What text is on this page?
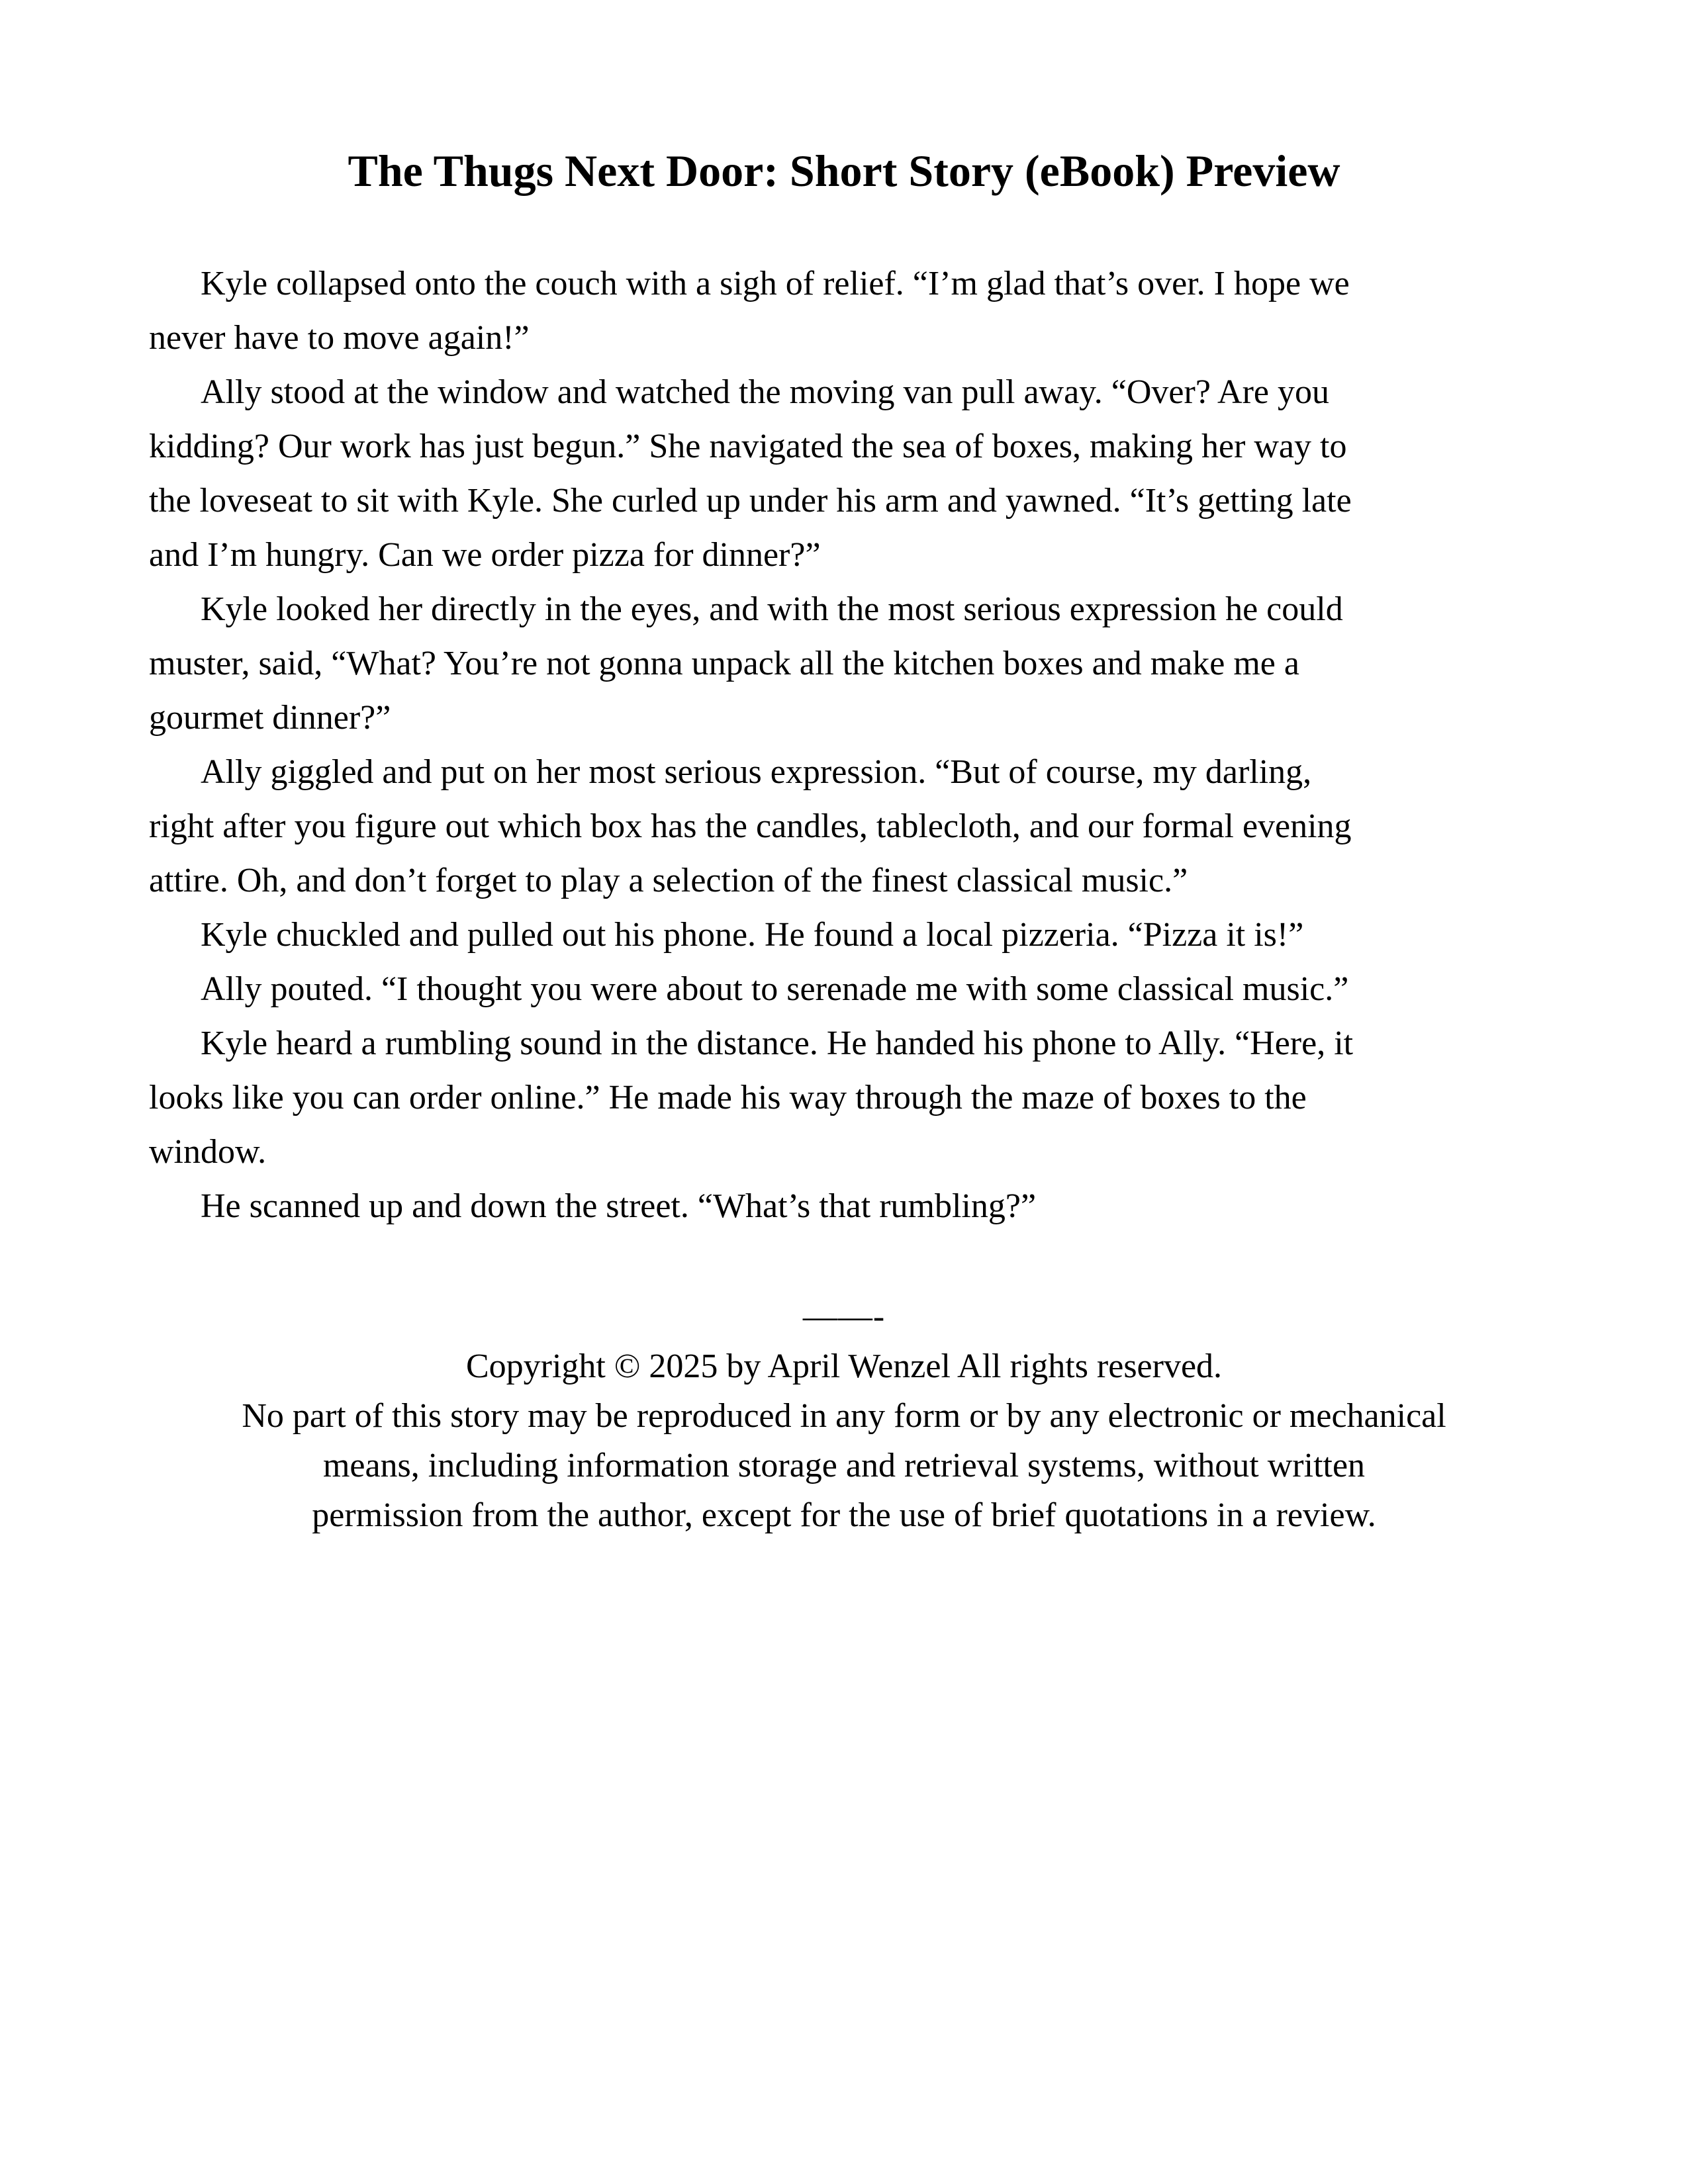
The Thugs Next Door: Short Story (eBook) Preview
Kyle collapsed onto the couch with a sigh of relief. “I’m glad that’s over. I hope we
never have to move again!”
Ally stood at the window and watched the moving van pull away. “Over? Are you
kidding? Our work has just begun.” She navigated the sea of boxes, making her way to
the loveseat to sit with Kyle. She curled up under his arm and yawned. “It’s getting late
and I’m hungry. Can we order pizza for dinner?”
Kyle looked her directly in the eyes, and with the most serious expression he could
muster, said, “What? You’re not gonna unpack all the kitchen boxes and make me a
gourmet dinner?”
Ally giggled and put on her most serious expression. “But of course, my darling,
right after you figure out which box has the candles, tablecloth, and our formal evening
attire. Oh, and don’t forget to play a selection of the finest classical music.”
Kyle chuckled and pulled out his phone. He found a local pizzeria. “Pizza it is!”
Ally pouted. “I thought you were about to serenade me with some classical music.”
Kyle heard a rumbling sound in the distance. He handed his phone to Ally. “Here, it
looks like you can order online.” He made his way through the maze of boxes to the
window.
He scanned up and down the street. “What’s that rumbling?”
——-
Copyright © 2025 by April Wenzel All rights reserved.
No part of this story may be reproduced in any form or by any electronic or mechanical
means, including information storage and retrieval systems, without written
permission from the author, except for the use of brief quotations in a review.
